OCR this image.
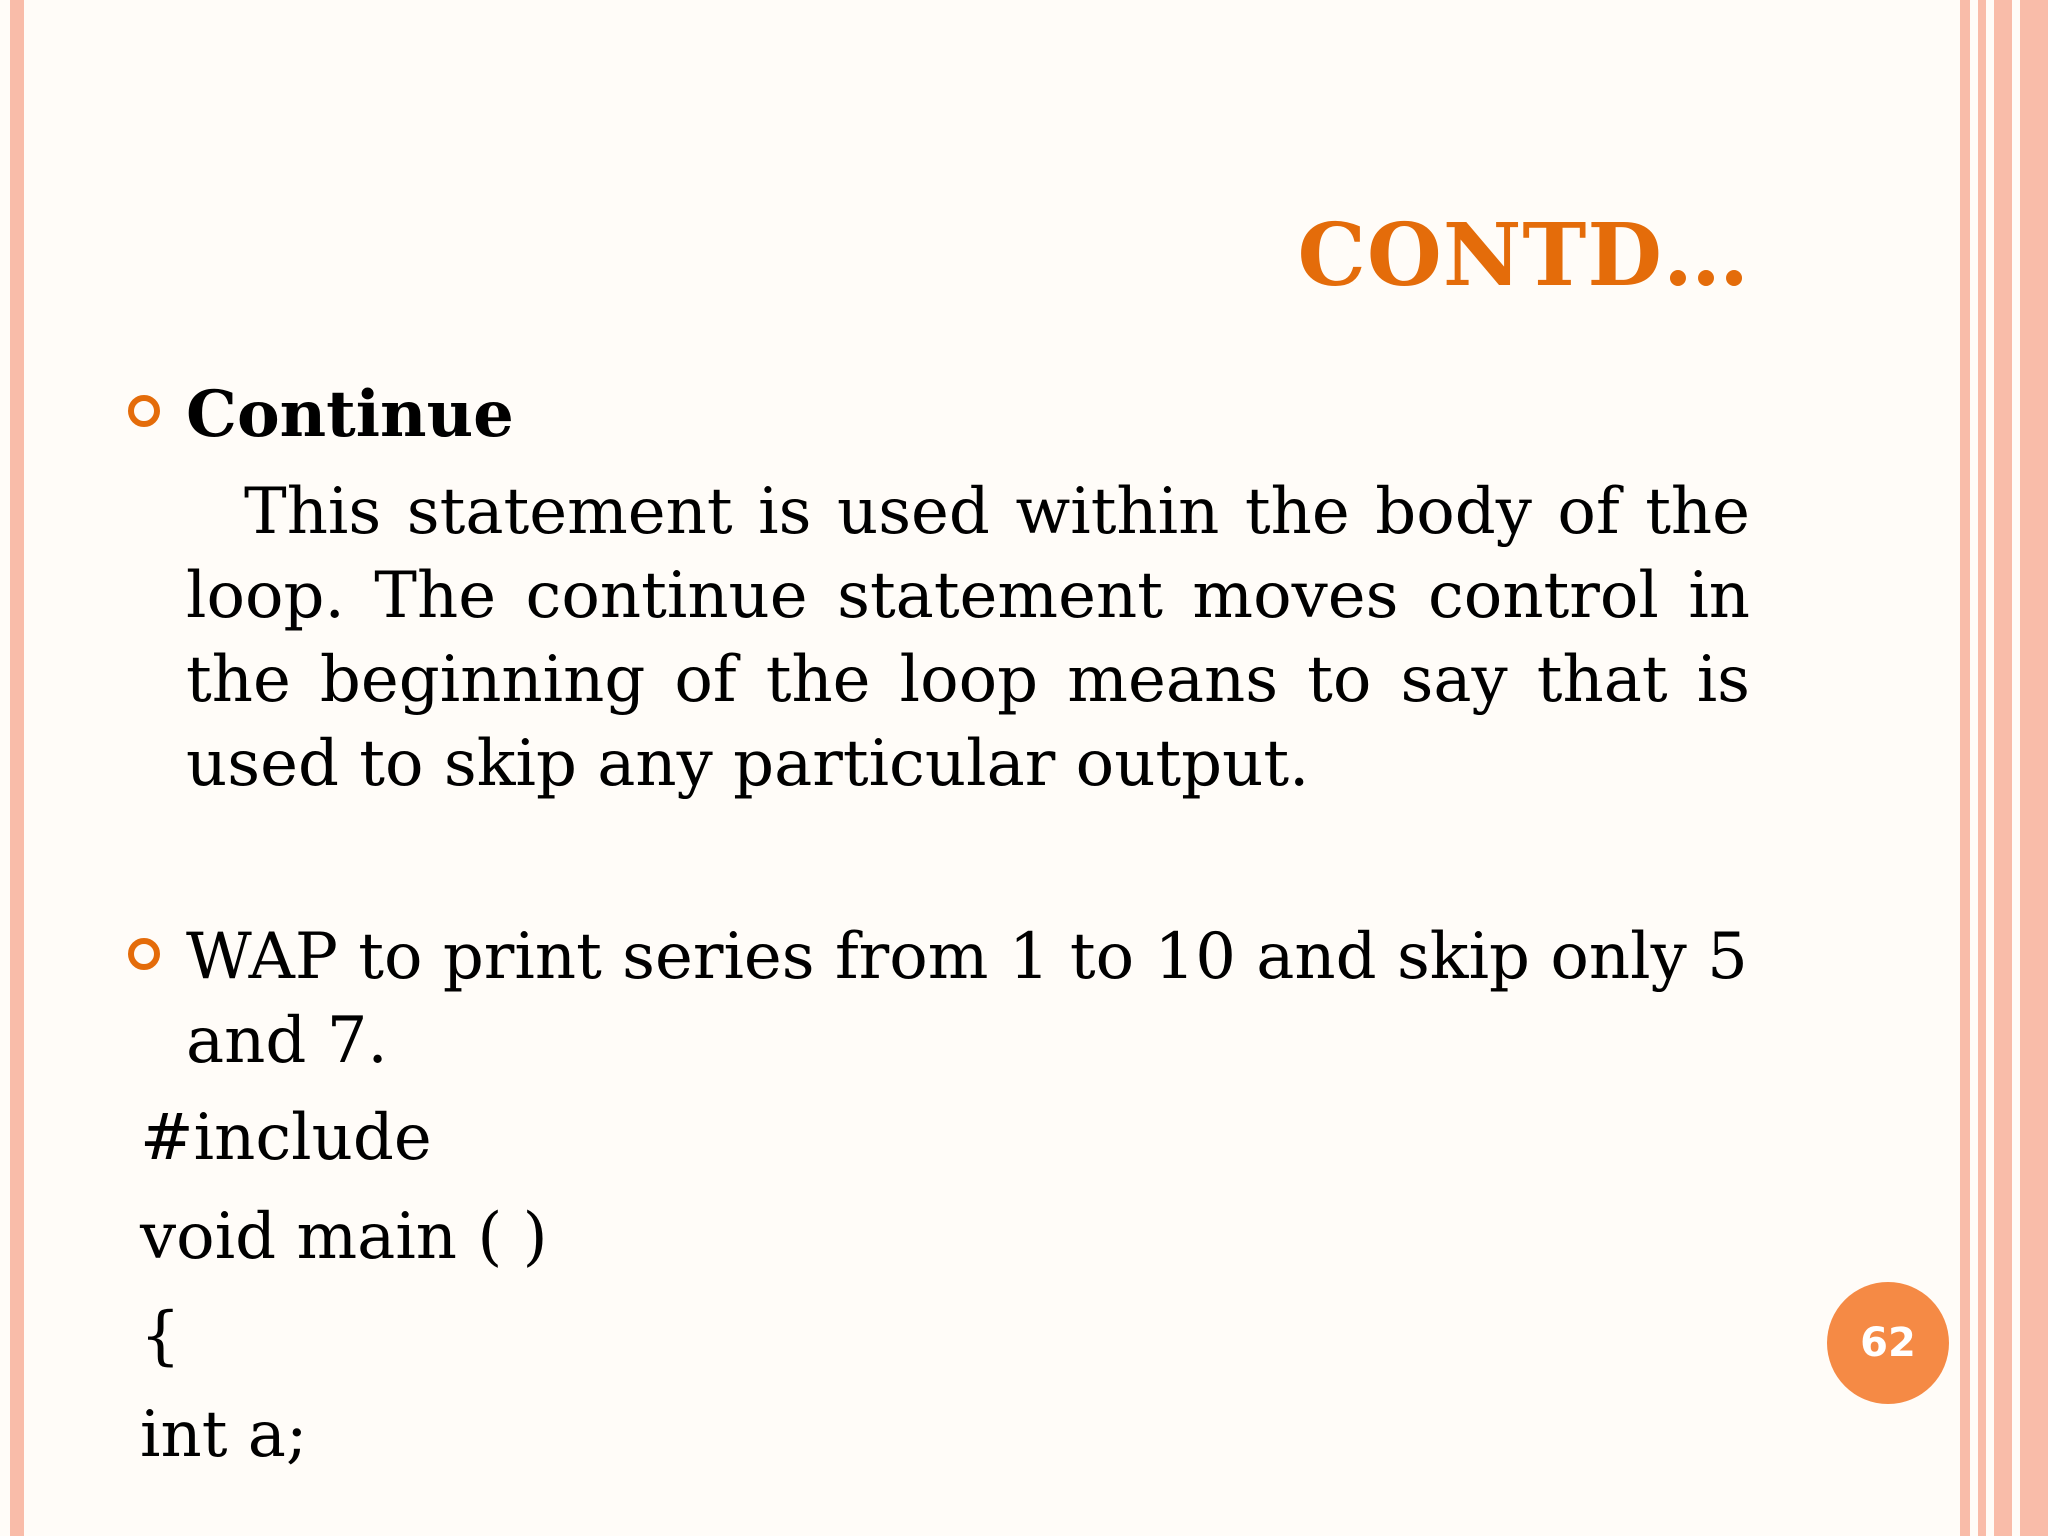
CONTD…
Continue
This statement is used within the body of the loop. The continue statement moves control in the beginning of the loop means to say that is used to skip any particular output.
WAP to print series from 1 to 10 and skip only 5 and 7.
#include
void main ( )
{
int a;
62
